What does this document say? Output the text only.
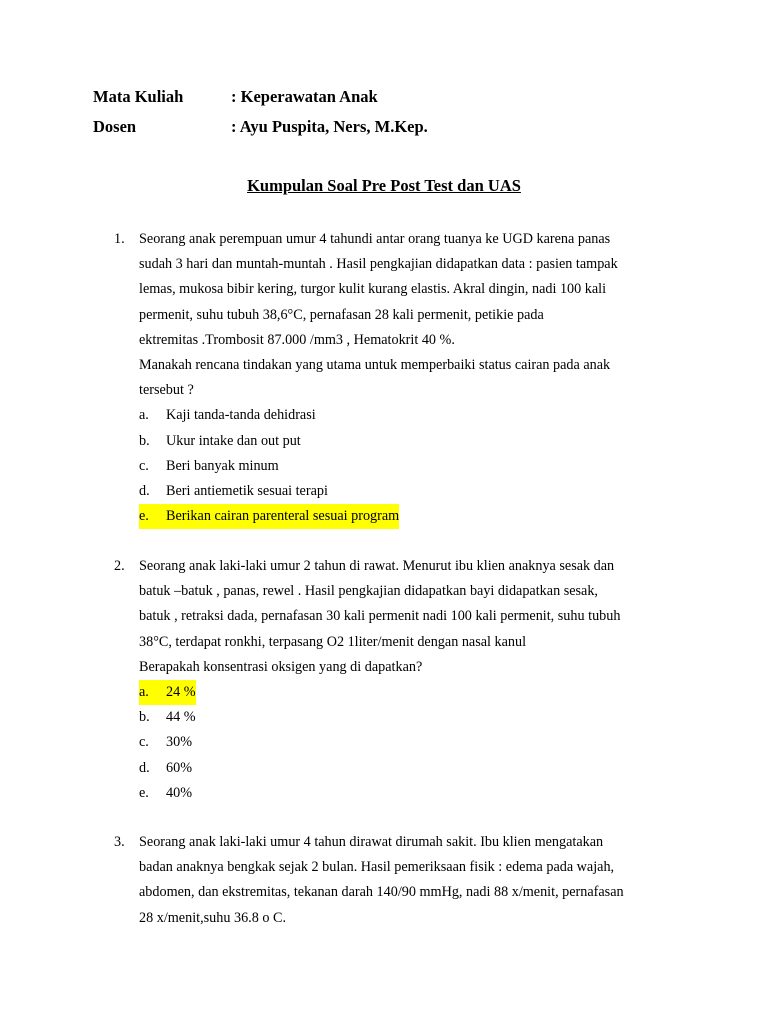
Mata Kuliah	: Keperawatan Anak
Dosen	: Ayu Puspita, Ners, M.Kep.
Kumpulan Soal Pre Post Test dan UAS
1. Seorang anak perempuan umur 4 tahundi antar orang tuanya ke UGD karena panas
sudah 3 hari dan muntah-muntah . Hasil pengkajian didapatkan data : pasien tampak
lemas, mukosa bibir kering, turgor kulit kurang elastis. Akral dingin, nadi 100 kali
permenit, suhu tubuh 38,6°C, pernafasan 28 kali permenit, petikie pada
ektremitas .Trombosit 87.000 /mm3 , Hematokrit 40 %.
Manakah rencana tindakan yang utama untuk memperbaiki status cairan pada anak
tersebut ?
a. Kaji tanda-tanda dehidrasi
b. Ukur intake dan out put
c. Beri banyak minum
d. Beri antiemetik sesuai terapi
e. Berikan cairan parenteral sesuai program
2. Seorang anak laki-laki umur 2 tahun di rawat. Menurut ibu klien anaknya sesak dan
batuk –batuk , panas, rewel . Hasil pengkajian didapatkan bayi didapatkan sesak,
batuk , retraksi dada, pernafasan 30 kali permenit nadi 100 kali permenit, suhu tubuh
38°C, terdapat ronkhi, terpasang O2 1liter/menit dengan nasal kanul
Berapakah konsentrasi oksigen yang di dapatkan?
a. 24 %
b. 44 %
c. 30%
d. 60%
e. 40%
3. Seorang anak laki-laki umur 4 tahun dirawat dirumah sakit. Ibu klien mengatakan
badan anaknya bengkak sejak 2 bulan. Hasil pemeriksaan fisik : edema pada wajah,
abdomen, dan ekstremitas, tekanan darah 140/90 mmHg, nadi 88 x/menit, pernafasan
28 x/menit,suhu 36.8 o C.
